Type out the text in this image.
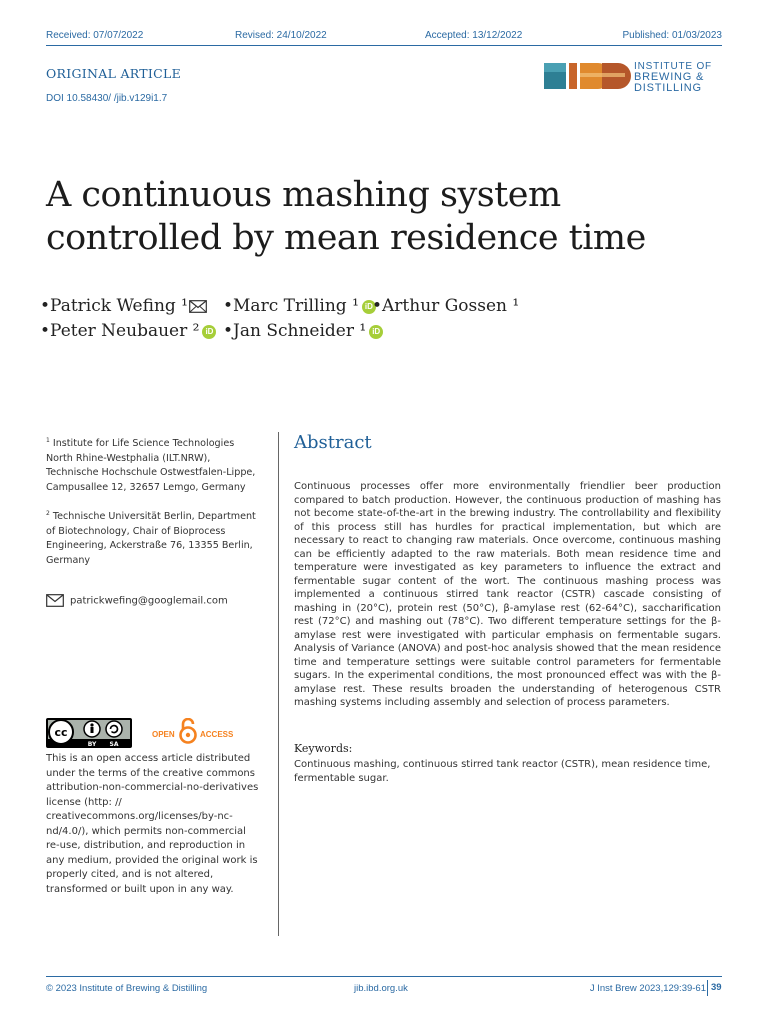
Received: 07/07/2022	Revised: 24/10/2022	Accepted: 13/12/2022	Published: 01/03/2023
ORIGINAL ARTICLE
DOI 10.58430/ /jib.v129i1.7
INSTITUTE OF
BREWING &
DISTILLING
A continuous mashing system
controlled by mean residence time
•Patrick Wefing ¹	•Marc Trilling ¹ iD •Arthur Gossen ¹
•Peter Neubauer ² iD •Jan Schneider ¹ iD
$^1$ Institute for Life Science Technologies North Rhine-Westphalia (ILT.NRW), Technische Hochschule Ostwestfalen-Lippe, Campusallee 12, 32657 Lemgo, Germany
$^2$ Technische Universität Berlin, Department of Biotechnology, Chair of Bioprocess Engineering, Ackerstraße 76, 13355 Berlin, Germany
patrickwefing@googlemail.com
cc
BY SA
OPEN	ACCESS
This is an open access article distributed under the terms of the creative commons attribution-non-commercial-no-derivatives license (http: // creativecommons.org/licenses/by-nc-nd/4.0/), which permits non-commercial re-use, distribution, and reproduction in any medium, provided the original work is properly cited, and is not altered, transformed or built upon in any way.
Abstract

Continuous processes offer more environmentally friendlier beer production compared to batch production. However, the continuous production of mashing has not become state-of-the-art in the brewing industry. The controllability and flexibility of this process still has hurdles for practical implementation, but which are necessary to react to changing raw materials. Once overcome, continuous mashing can be efficiently adapted to the raw materials. Both mean residence time and temperature were investigated as key parameters to influence the extract and fermentable sugar content of the wort. The continuous mashing process was implemented a continuous stirred tank reactor (CSTR) cascade consisting of mashing in (20°C), protein rest (50°C), β-amylase rest (62-64°C), saccharification rest (72°C) and mashing out (78°C). Two different temperature settings for the β-amylase rest were investigated with particular emphasis on fermentable sugars. Analysis of Variance (ANOVA) and post-hoc analysis showed that the mean residence time and temperature settings were suitable control parameters for fermentable sugars. In the experimental conditions, the most pronounced effect was with the β-amylase rest. These results broaden the understanding of heterogenous CSTR mashing systems including assembly and selection of process parameters.

Keywords:
Continuous mashing, continuous stirred tank reactor (CSTR), mean residence time, fermentable sugar.
© 2023 Institute of Brewing & Distilling	jib.ibd.org.uk	J Inst Brew 2023,129:39-61 39
